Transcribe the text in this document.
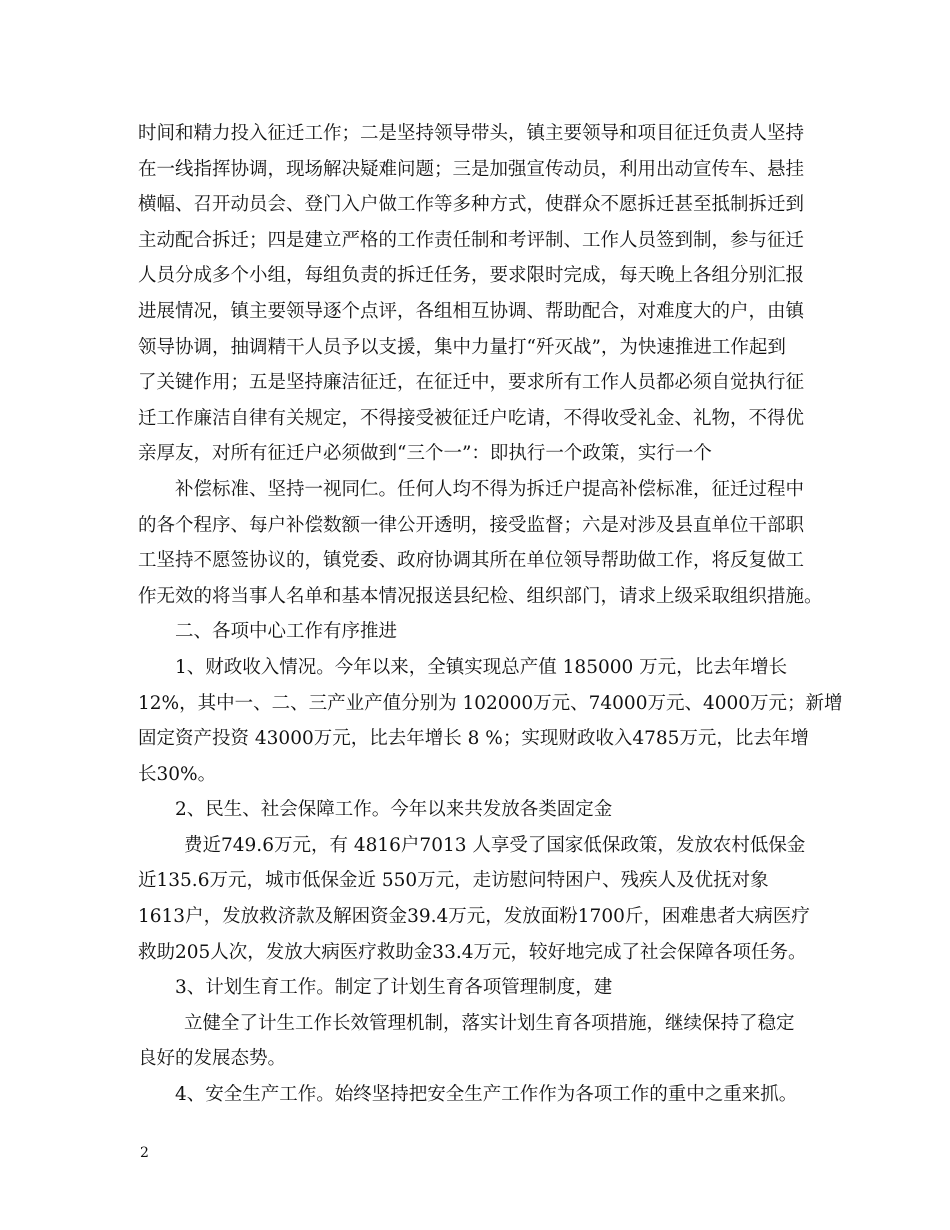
时间和精力投入征迁工作；二是坚持领导带头，镇主要领导和项目征迁负责人坚持
在一线指挥协调，现场解决疑难问题；三是加强宣传动员，利用出动宣传车、悬挂
横幅、召开动员会、登门入户做工作等多种方式，使群众不愿拆迁甚至抵制拆迁到
主动配合拆迁；四是建立严格的工作责任制和考评制、工作人员签到制，参与征迁
人员分成多个小组，每组负责的拆迁任务，要求限时完成，每天晚上各组分别汇报
进展情况，镇主要领导逐个点评，各组相互协调、帮助配合，对难度大的户，由镇
领导协调，抽调精干人员予以支援，集中力量打“歼灭战”，为快速推进工作起到
了关键作用；五是坚持廉洁征迁，在征迁中，要求所有工作人员都必须自觉执行征
迁工作廉洁自律有关规定，不得接受被征迁户吃请，不得收受礼金、礼物，不得优
亲厚友，对所有征迁户必须做到“三个一”：即执行一个政策，实行一个
补偿标准、坚持一视同仁。任何人均不得为拆迁户提高补偿标准，征迁过程中
的各个程序、每户补偿数额一律公开透明，接受监督；六是对涉及县直单位干部职
工坚持不愿签协议的，镇党委、政府协调其所在单位领导帮助做工作，将反复做工
作无效的将当事人名单和基本情况报送县纪检、组织部门，请求上级采取组织措施。
二、各项中心工作有序推进
1、财政收入情况。今年以来，全镇实现总产值 185000 万元，比去年增长
12%，其中一、二、三产业产值分别为 102000万元、74000万元、4000万元；新增
固定资产投资 43000万元，比去年增长 8 %；实现财政收入4785万元，比去年增
长30%。
2、民生、社会保障工作。今年以来共发放各类固定金
费近749.6万元，有 4816户7013 人享受了国家低保政策，发放农村低保金
近135.6万元，城市低保金近 550万元，走访慰问特困户、残疾人及优抚对象
1613户，发放救济款及解困资金39.4万元，发放面粉1700斤，困难患者大病医疗
救助205人次，发放大病医疗救助金33.4万元，较好地完成了社会保障各项任务。
3、计划生育工作。制定了计划生育各项管理制度，建
立健全了计生工作长效管理机制，落实计划生育各项措施，继续保持了稳定
良好的发展态势。
4、安全生产工作。始终坚持把安全生产工作作为各项工作的重中之重来抓。
2
